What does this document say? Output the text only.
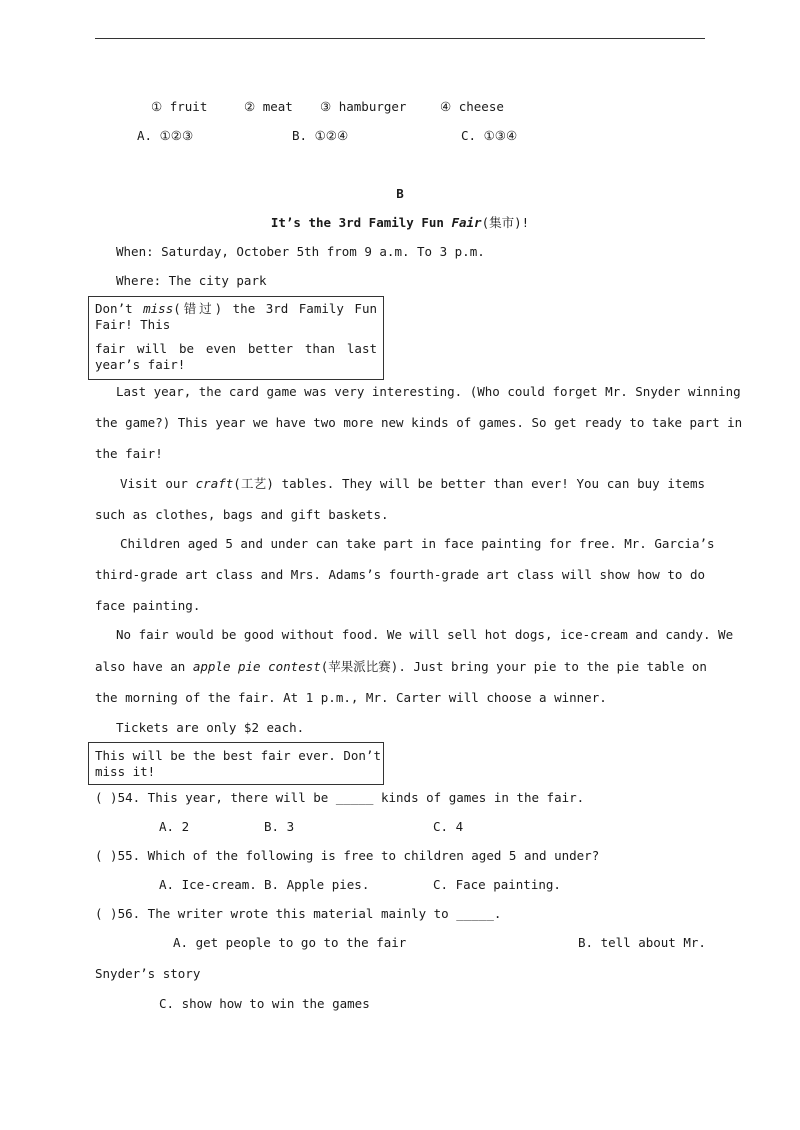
① fruit	② meat ③ hamburger	④ cheese
A. ①②③	B. ①②④	C. ①③④
B
It’s the 3rd Family Fun Fair(集市)!
When: Saturday, October 5th from 9 a.m. To 3 p.m.
Where: The city park
Don’t miss(错过) the 3rd Family Fun
Fair! This
fair will be even better than last
year’s fair!
Last year, the card game was very interesting. (Who could forget Mr. Snyder winning
the game?) This year we have two more new kinds of games. So get ready to take part in
the fair!
Visit our craft(工艺) tables. They will be better than ever! You can buy items
such as clothes, bags and gift baskets.
Children aged 5 and under can take part in face painting for free. Mr. Garcia’s
third-grade art class and Mrs. Adams’s fourth-grade art class will show how to do
face painting.
No fair would be good without food. We will sell hot dogs, ice-cream and candy. We
also have an apple pie contest(苹果派比赛). Just bring your pie to the pie table on
the morning of the fair. At 1 p.m., Mr. Carter will choose a winner.
Tickets are only $2 each.
This will be the best fair ever. Don’t
miss it!
( )54. This year, there will be _____ kinds of games in the fair.
A. 2	B. 3	C. 4
( )55. Which of the following is free to children aged 5 and under?
A. Ice-cream. B. Apple pies.	C. Face painting.
( )56. The writer wrote this material mainly to _____.
A. get people to go to the fair	B. tell about Mr.
Snyder’s story
C. show how to win the games
